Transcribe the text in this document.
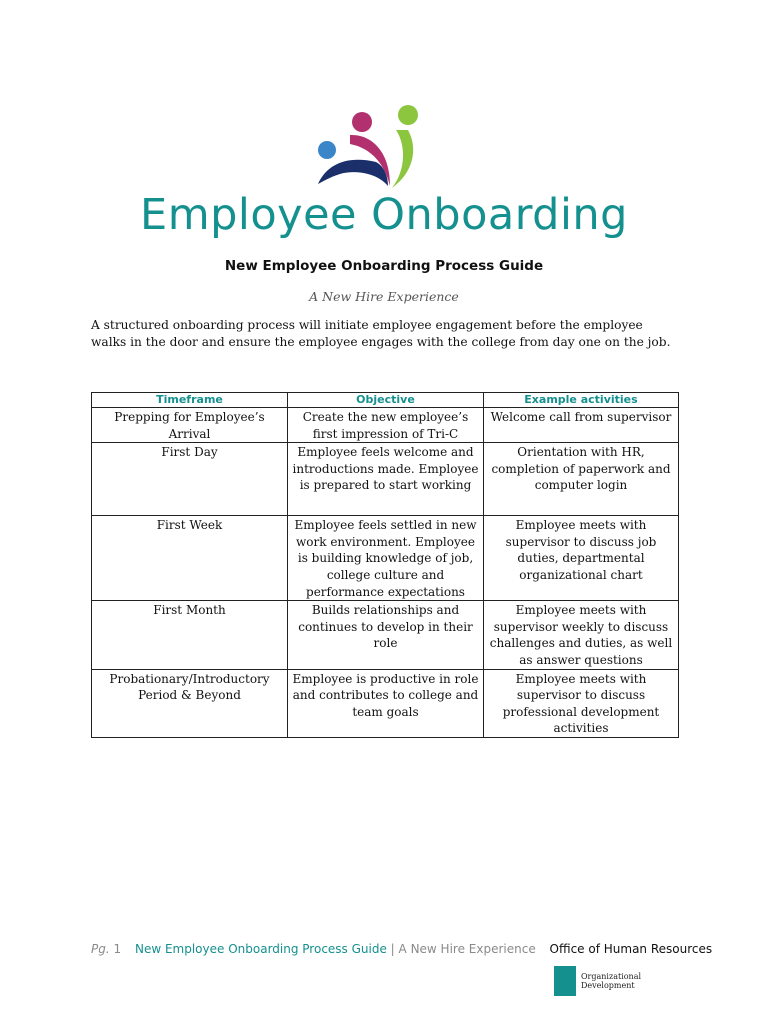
Employee Onboarding
New Employee Onboarding Process Guide
A New Hire Experience
A structured onboarding process will initiate employee engagement before the employee walks in the door and ensure the employee engages with the college from day one on the job.
Timeframe	Objective	Example activities
Prepping for Employee’s Arrival	Create the new employee’s first impression of Tri-C	Welcome call from supervisor
First Day	Employee feels welcome and introductions made. Employee is prepared to start working	Orientation with HR, completion of paperwork and computer login
First Week	Employee feels settled in new work environment. Employee is building knowledge of job, college culture and performance expectations	Employee meets with supervisor to discuss job duties, departmental organizational chart
First Month	Builds relationships and continues to develop in their role	Employee meets with supervisor weekly to discuss challenges and duties, as well as answer questions
Probationary/Introductory Period & Beyond	Employee is productive in role and contributes to college and team goals	Employee meets with supervisor to discuss professional development activities
Pg. 1 New Employee Onboarding Process Guide | A New Hire Experience Office of Human Resources
Organizational
Development
